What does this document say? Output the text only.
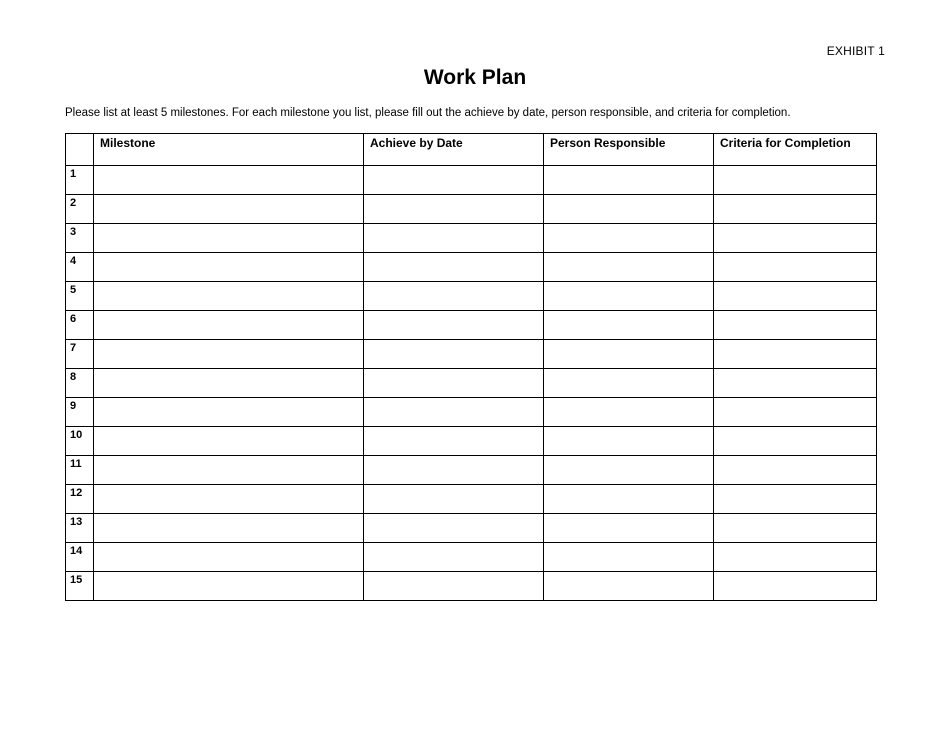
EXHIBIT 1
Work Plan
Please list at least 5 milestones. For each milestone you list, please fill out the achieve by date, person responsible, and criteria for completion.
	Milestone	Achieve by Date	Person Responsible	Criteria for Completion
1				
2				
3				
4				
5				
6				
7				
8				
9				
10				
11				
12				
13				
14				
15				
